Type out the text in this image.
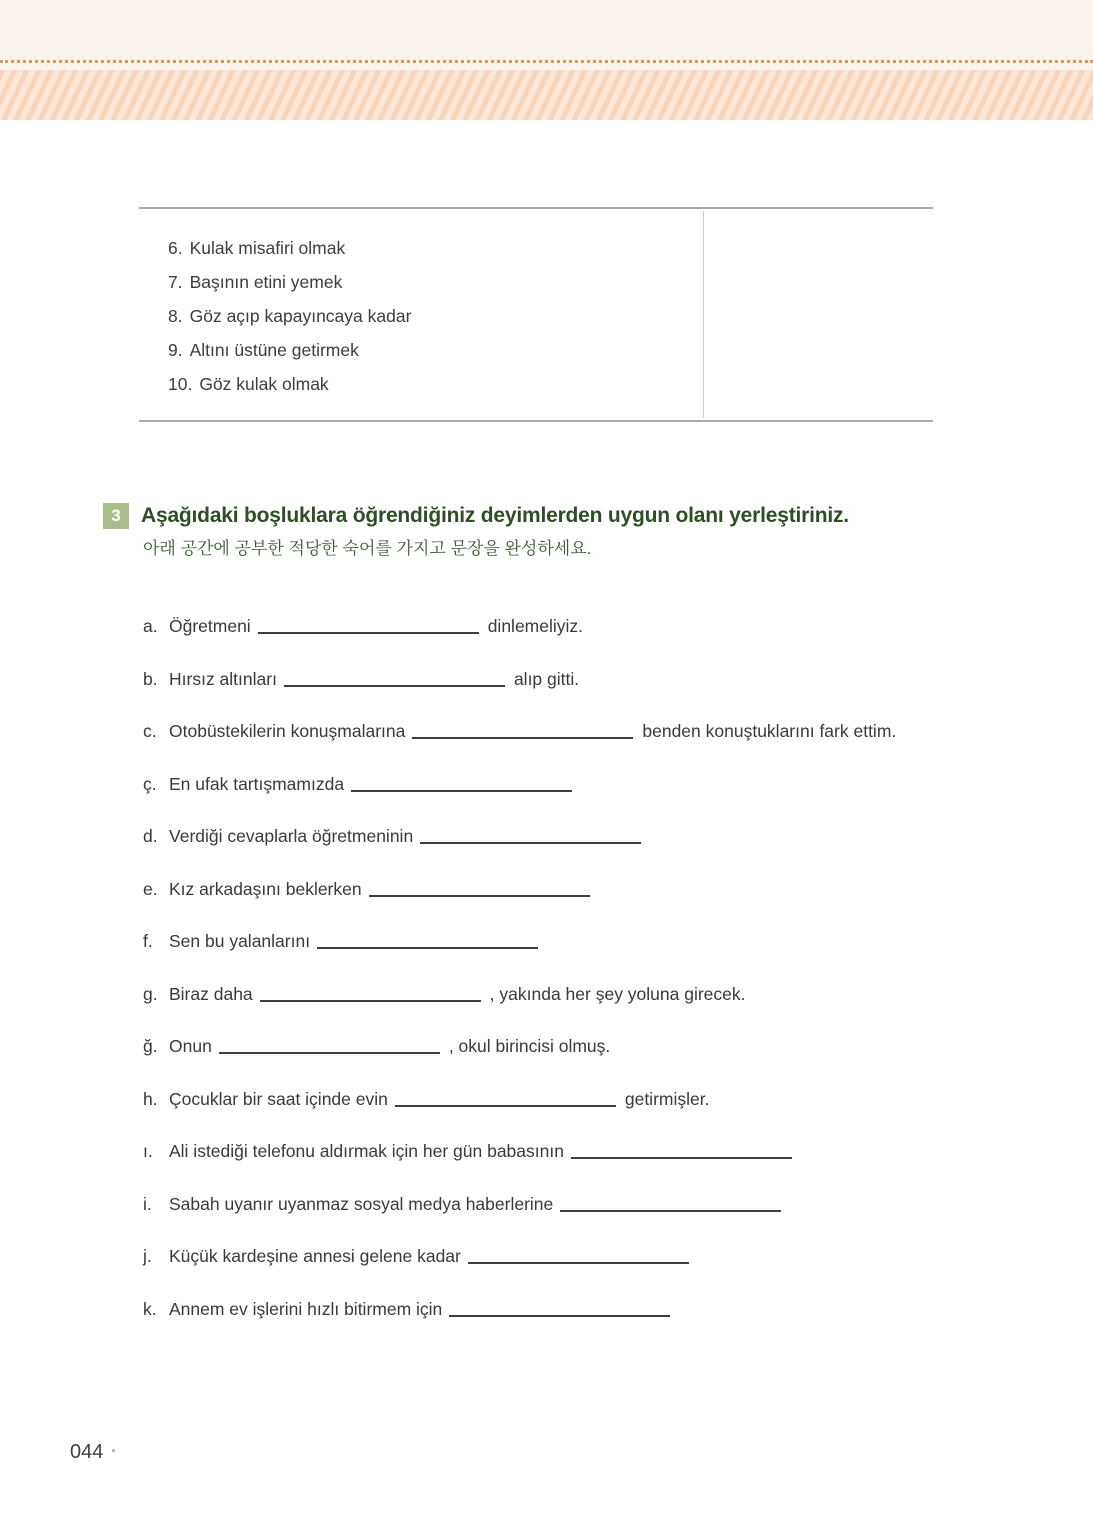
6. Kulak misafiri olmak
7. Başının etini yemek
8. Göz açıp kapayıncaya kadar
9. Altını üstüne getirmek
10. Göz kulak olmak
3 Aşağıdaki boşluklara öğrendiğiniz deyimlerden uygun olanı yerleştiriniz.
아래 공간에 공부한 적당한 숙어를 가지고 문장을 완성하세요.
a. Öğretmeni	dinlemeliyiz.
b. Hırsız altınları	alıp gitti.
c. Otobüstekilerin konuşmalarına	benden konuştuklarını fark ettim.
ç. En ufak tartışmamızda
d. Verdiği cevaplarla öğretmeninin
e. Kız arkadaşını beklerken
f. Sen bu yalanlarını
g. Biraz daha	, yakında her şey yoluna girecek.
ğ. Onun	, okul birincisi olmuş.
h. Çocuklar bir saat içinde evin	getirmişler.
ı. Ali istediği telefonu aldırmak için her gün babasının
i. Sabah uyanır uyanmaz sosyal medya haberlerine
j. Küçük kardeşine annesi gelene kadar
k. Annem ev işlerini hızlı bitirmem için
044
